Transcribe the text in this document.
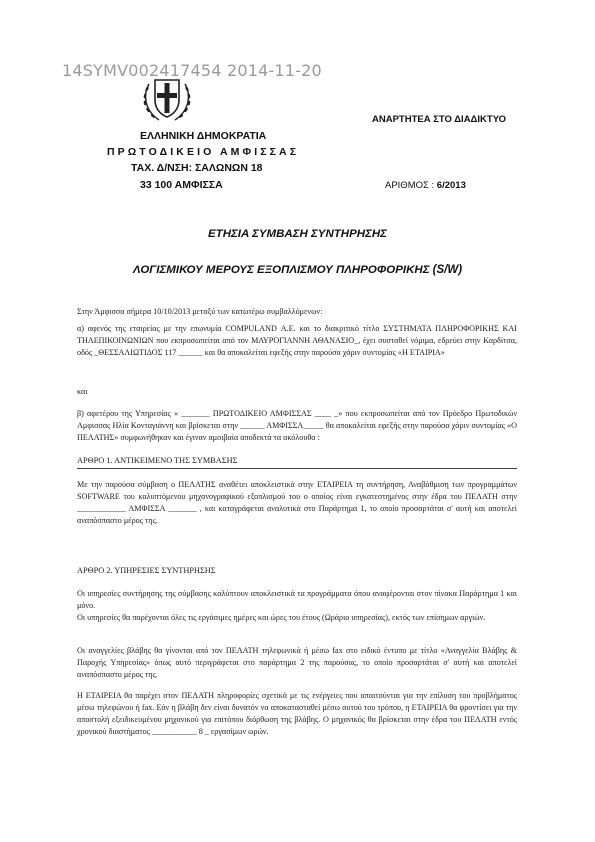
14SYMV002417454 2014-11-20
ΕΛΛΗΝΙΚΗ ΔΗΜΟΚΡΑΤΙΑ
ΠΡΩΤΟΔΙΚΕΙΟ ΑΜΦΙΣΣΑΣ
ΤΑΧ. Δ/ΝΣΗ: ΣΑΛΩΝΩΝ 18
33 100 ΑΜΦΙΣΣΑ
ΑΝΑΡΤΗΤΕΑ ΣΤΟ ΔΙΑΔΙΚΤΥΟ
ΑΡΙΘΜΟΣ : 6/2013
ΕΤΗΣΙΑ ΣΥΜΒΑΣΗ ΣΥΝΤΗΡΗΣΗΣ
ΛΟΓΙΣΜΙΚΟΥ ΜΕΡΟΥΣ ΕΞΟΠΛΙΣΜΟΥ ΠΛΗΡΟΦΟΡΙΚΗΣ (S/W)
Στην Άμφισσα σήμερα 10/10/2013 μεταξύ των κατωτέρω συμβαλλόμενων:
α) αφενός της εταιρείας με την επωνυμία COMPULAND Α.Ε. και το διακριτικό τίτλο ΣΥΣΤΗΜΑΤΑ ΠΛΗΡΟΦΟΡΙΚΗΣ ΚΑΙ ΤΗΛΕΠΙΚΟΙΝΩΝΙΩΝ που εκπροσωπείται από τον ΜΑΥΡΟΓΙΑΝΝΗ ΑΘΑΝΑΣΙΟ_, έχει συσταθεί νόμιμα, εδρεύει στην Καρδίτσα, οδός _ΘΕΣΣΑΛΙΩΤΙΔΟΣ 117 ______ και θα αποκαλείται εφεξής στην παρούσα χάριν συντομίας «Η ΕΤΑΙΡΙΑ»
και
β) αφετέρου της Υπηρεσίας « _______ ΠΡΩΤΟΔΙΚΕΙΟ ΑΜΦΙΣΣΑΣ ____ _» που εκπροσωπείται από τον Πρόεδρο Πρωτοδικών Αμφισσας Ηλία Κονταγιάννη και βρίσκεται στην ______ ΑΜΦΙΣΣΑ_____ θα αποκαλείται εφεξής στην παρούσα χάριν συντομίας «Ο ΠΕΛΑΤΗΣ» συμφωνήθηκαν και έγιναν αμοιβαία αποδεκτά τα ακόλουθα :
ΑΡΘΡΟ 1. ΑΝΤΙΚΕΙΜΕΝΟ ΤΗΣ ΣΥΜΒΑΣΗΣ
Με την παρούσα σύμβαση ο ΠΕΛΑΤΗΣ αναθέτει αποκλειστικά στην ΕΤΑΙΡΕΙΑ τη συντήρηση, Αναβάθμιση των προγραμμάτων SOFTWARE του καλυπτόμενου μηχανογραφικού εξοπλισμού του ο οποίος είναι εγκατεστημένος στην έδρα του ΠΕΛΑΤΗ στην ____________ ΑΜΦΙΣΣΑ _______ , και καταγράφεται αναλυτικά στο Παράρτημα 1, το οποίο προσαρτάται σ' αυτή και αποτελεί αναπόσπαστο μέρος της.
ΑΡΘΡΟ 2. ΥΠΗΡΕΣΙΕΣ ΣΥΝΤΗΡΗΣΗΣ
Οι υπηρεσίες συντήρησης της σύμβασης καλύπτουν αποκλειστικά τα προγράμματα όπου αναφέρονται στον πίνακα Παράρτημα 1 και μόνο.
Οι υπηρεσίες θα παρέχονται όλες τις εργάσιμες ημέρες και ώρες του έτους (Ωράριο υπηρεσίας), εκτός των επίσημων αργιών.
Οι αναγγελίες βλάβης θα γίνονται από τον ΠΕΛΑΤΗ τηλεφωνικά ή μέσω fax στο ειδικό έντυπο με τίτλο «Αναγγελία Βλάβης & Παροχής Υπηρεσίας» όπως αυτό περιγράφεται στο παράρτημα 2 της παρούσας, το οποίο προσαρτάται σ' αυτή και αποτελεί αναπόσπαστο μέρος της.
Η ΕΤΑΙΡΕΙΑ θα παρέχει στον ΠΕΛΑΤΗ πληροφορίες σχετικά με τις ενέργειες που απαιτούνται για την επίλυση του προβλήματος μέσω τηλεφώνου ή fax. Εάν η βλάβη δεν είναι δυνατόν να αποκατασταθεί μέσω αυτού του τρόπου, η ΕΤΑΙΡΕΙΑ θα φροντίσει για την αποστολή εξειδικευμένου μηχανικού για επιτόπου διόρθωση της βλάβης. Ο μηχανικός θα βρίσκεται στην έδρα του ΠΕΛΑΤΗ εντός χρονικού διαστήματος ___________ 8 _ εργασίμων ωρών.
